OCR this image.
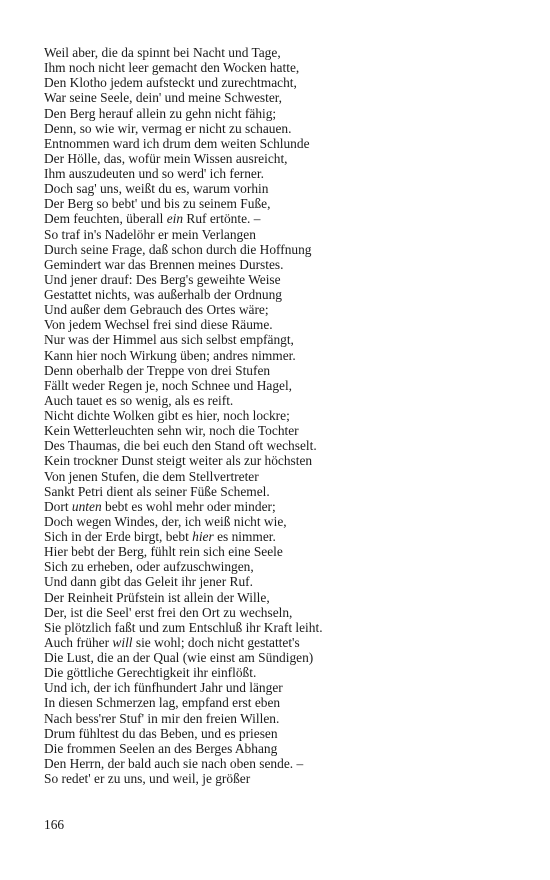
Weil aber, die da spinnt bei Nacht und Tage,
Ihm noch nicht leer gemacht den Wocken hatte,
Den Klotho jedem aufsteckt und zurechtmacht,
War seine Seele, dein' und meine Schwester,
Den Berg herauf allein zu gehn nicht fähig;
Denn, so wie wir, vermag er nicht zu schauen.
Entnommen ward ich drum dem weiten Schlunde
Der Hölle, das, wofür mein Wissen ausreicht,
Ihm auszudeuten und so werd' ich ferner.
Doch sag' uns, weißt du es, warum vorhin
Der Berg so bebt' und bis zu seinem Fuße,
Dem feuchten, überall ein Ruf ertönte. –
So traf in's Nadelöhr er mein Verlangen
Durch seine Frage, daß schon durch die Hoffnung
Gemindert war das Brennen meines Durstes.
Und jener drauf: Des Berg's geweihte Weise
Gestattet nichts, was außerhalb der Ordnung
Und außer dem Gebrauch des Ortes wäre;
Von jedem Wechsel frei sind diese Räume.
Nur was der Himmel aus sich selbst empfängt,
Kann hier noch Wirkung üben; andres nimmer.
Denn oberhalb der Treppe von drei Stufen
Fällt weder Regen je, noch Schnee und Hagel,
Auch tauet es so wenig, als es reift.
Nicht dichte Wolken gibt es hier, noch lockre;
Kein Wetterleuchten sehn wir, noch die Tochter
Des Thaumas, die bei euch den Stand oft wechselt.
Kein trockner Dunst steigt weiter als zur höchsten
Von jenen Stufen, die dem Stellvertreter
Sankt Petri dient als seiner Füße Schemel.
Dort unten bebt es wohl mehr oder minder;
Doch wegen Windes, der, ich weiß nicht wie,
Sich in der Erde birgt, bebt hier es nimmer.
Hier bebt der Berg, fühlt rein sich eine Seele
Sich zu erheben, oder aufzuschwingen,
Und dann gibt das Geleit ihr jener Ruf.
Der Reinheit Prüfstein ist allein der Wille,
Der, ist die Seel' erst frei den Ort zu wechseln,
Sie plötzlich faßt und zum Entschluß ihr Kraft leiht.
Auch früher will sie wohl; doch nicht gestattet's
Die Lust, die an der Qual (wie einst am Sündigen)
Die göttliche Gerechtigkeit ihr einflößt.
Und ich, der ich fünfhundert Jahr und länger
In diesen Schmerzen lag, empfand erst eben
Nach bess'rer Stuf' in mir den freien Willen.
Drum fühltest du das Beben, und es priesen
Die frommen Seelen an des Berges Abhang
Den Herrn, der bald auch sie nach oben sende. –
So redet' er zu uns, und weil, je größer
166
